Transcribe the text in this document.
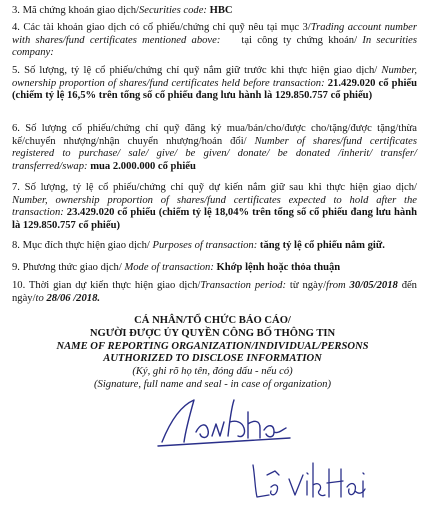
3. Mã chứng khoán giao dịch/Securities code: HBC

4. Các tài khoản giao dịch có cổ phiếu/chứng chỉ quỹ nêu tại mục 3/Trading account number with shares/fund certificates mentioned above: tại công ty chứng khoán/ In securities company:

5. Số lượng, tỷ lệ cổ phiếu/chứng chỉ quỹ nắm giữ trước khi thực hiện giao dịch/ Number, ownership proportion of shares/fund certificates held before transaction: 21.429.020 cổ phiếu (chiếm tỷ lệ 16,5% trên tổng số cổ phiếu đang lưu hành là 129.850.757 cổ phiếu)

6. Số lượng cổ phiếu/chứng chỉ quỹ đăng ký mua/bán/cho/được cho/tặng/được tặng/thừa kế/chuyển nhượng/nhận chuyển nhượng/hoán đổi/ Number of shares/fund certificates registered to purchase/ sale/ give/ be given/ donate/ be donated /inherit/ transfer/ transferred/swap: mua 2.000.000 cổ phiếu

7. Số lượng, tỷ lệ cổ phiếu/chứng chỉ quỹ dự kiến nắm giữ sau khi thực hiện giao dịch/ Number, ownership proportion of shares/fund certificates expected to hold after the transaction: 23.429.020 cổ phiếu (chiếm tỷ lệ 18,04% trên tổng số cổ phiếu đang lưu hành là 129.850.757 cổ phiếu)

8. Mục đích thực hiện giao dịch/ Purposes of transaction: tăng tỷ lệ cổ phiếu nắm giữ.

9. Phương thức giao dịch/ Mode of transaction: Khớp lệnh hoặc thỏa thuận

10. Thời gian dự kiến thực hiện giao dịch/Transaction period: từ ngày/from 30/05/2018 đến ngày/to 28/06 /2018.

CÁ NHÂN/TỔ CHỨC BÁO CÁO/
NGƯỜI ĐƯỢC ỦY QUYỀN CÔNG BỐ THÔNG TIN
NAME OF REPORTING ORGANIZATION/INDIVIDUAL/PERSONS
AUTHORIZED TO DISCLOSE INFORMATION
(Ký, ghi rõ họ tên, đóng dấu - nếu có)
(Signature, full name and seal - in case of organization)
